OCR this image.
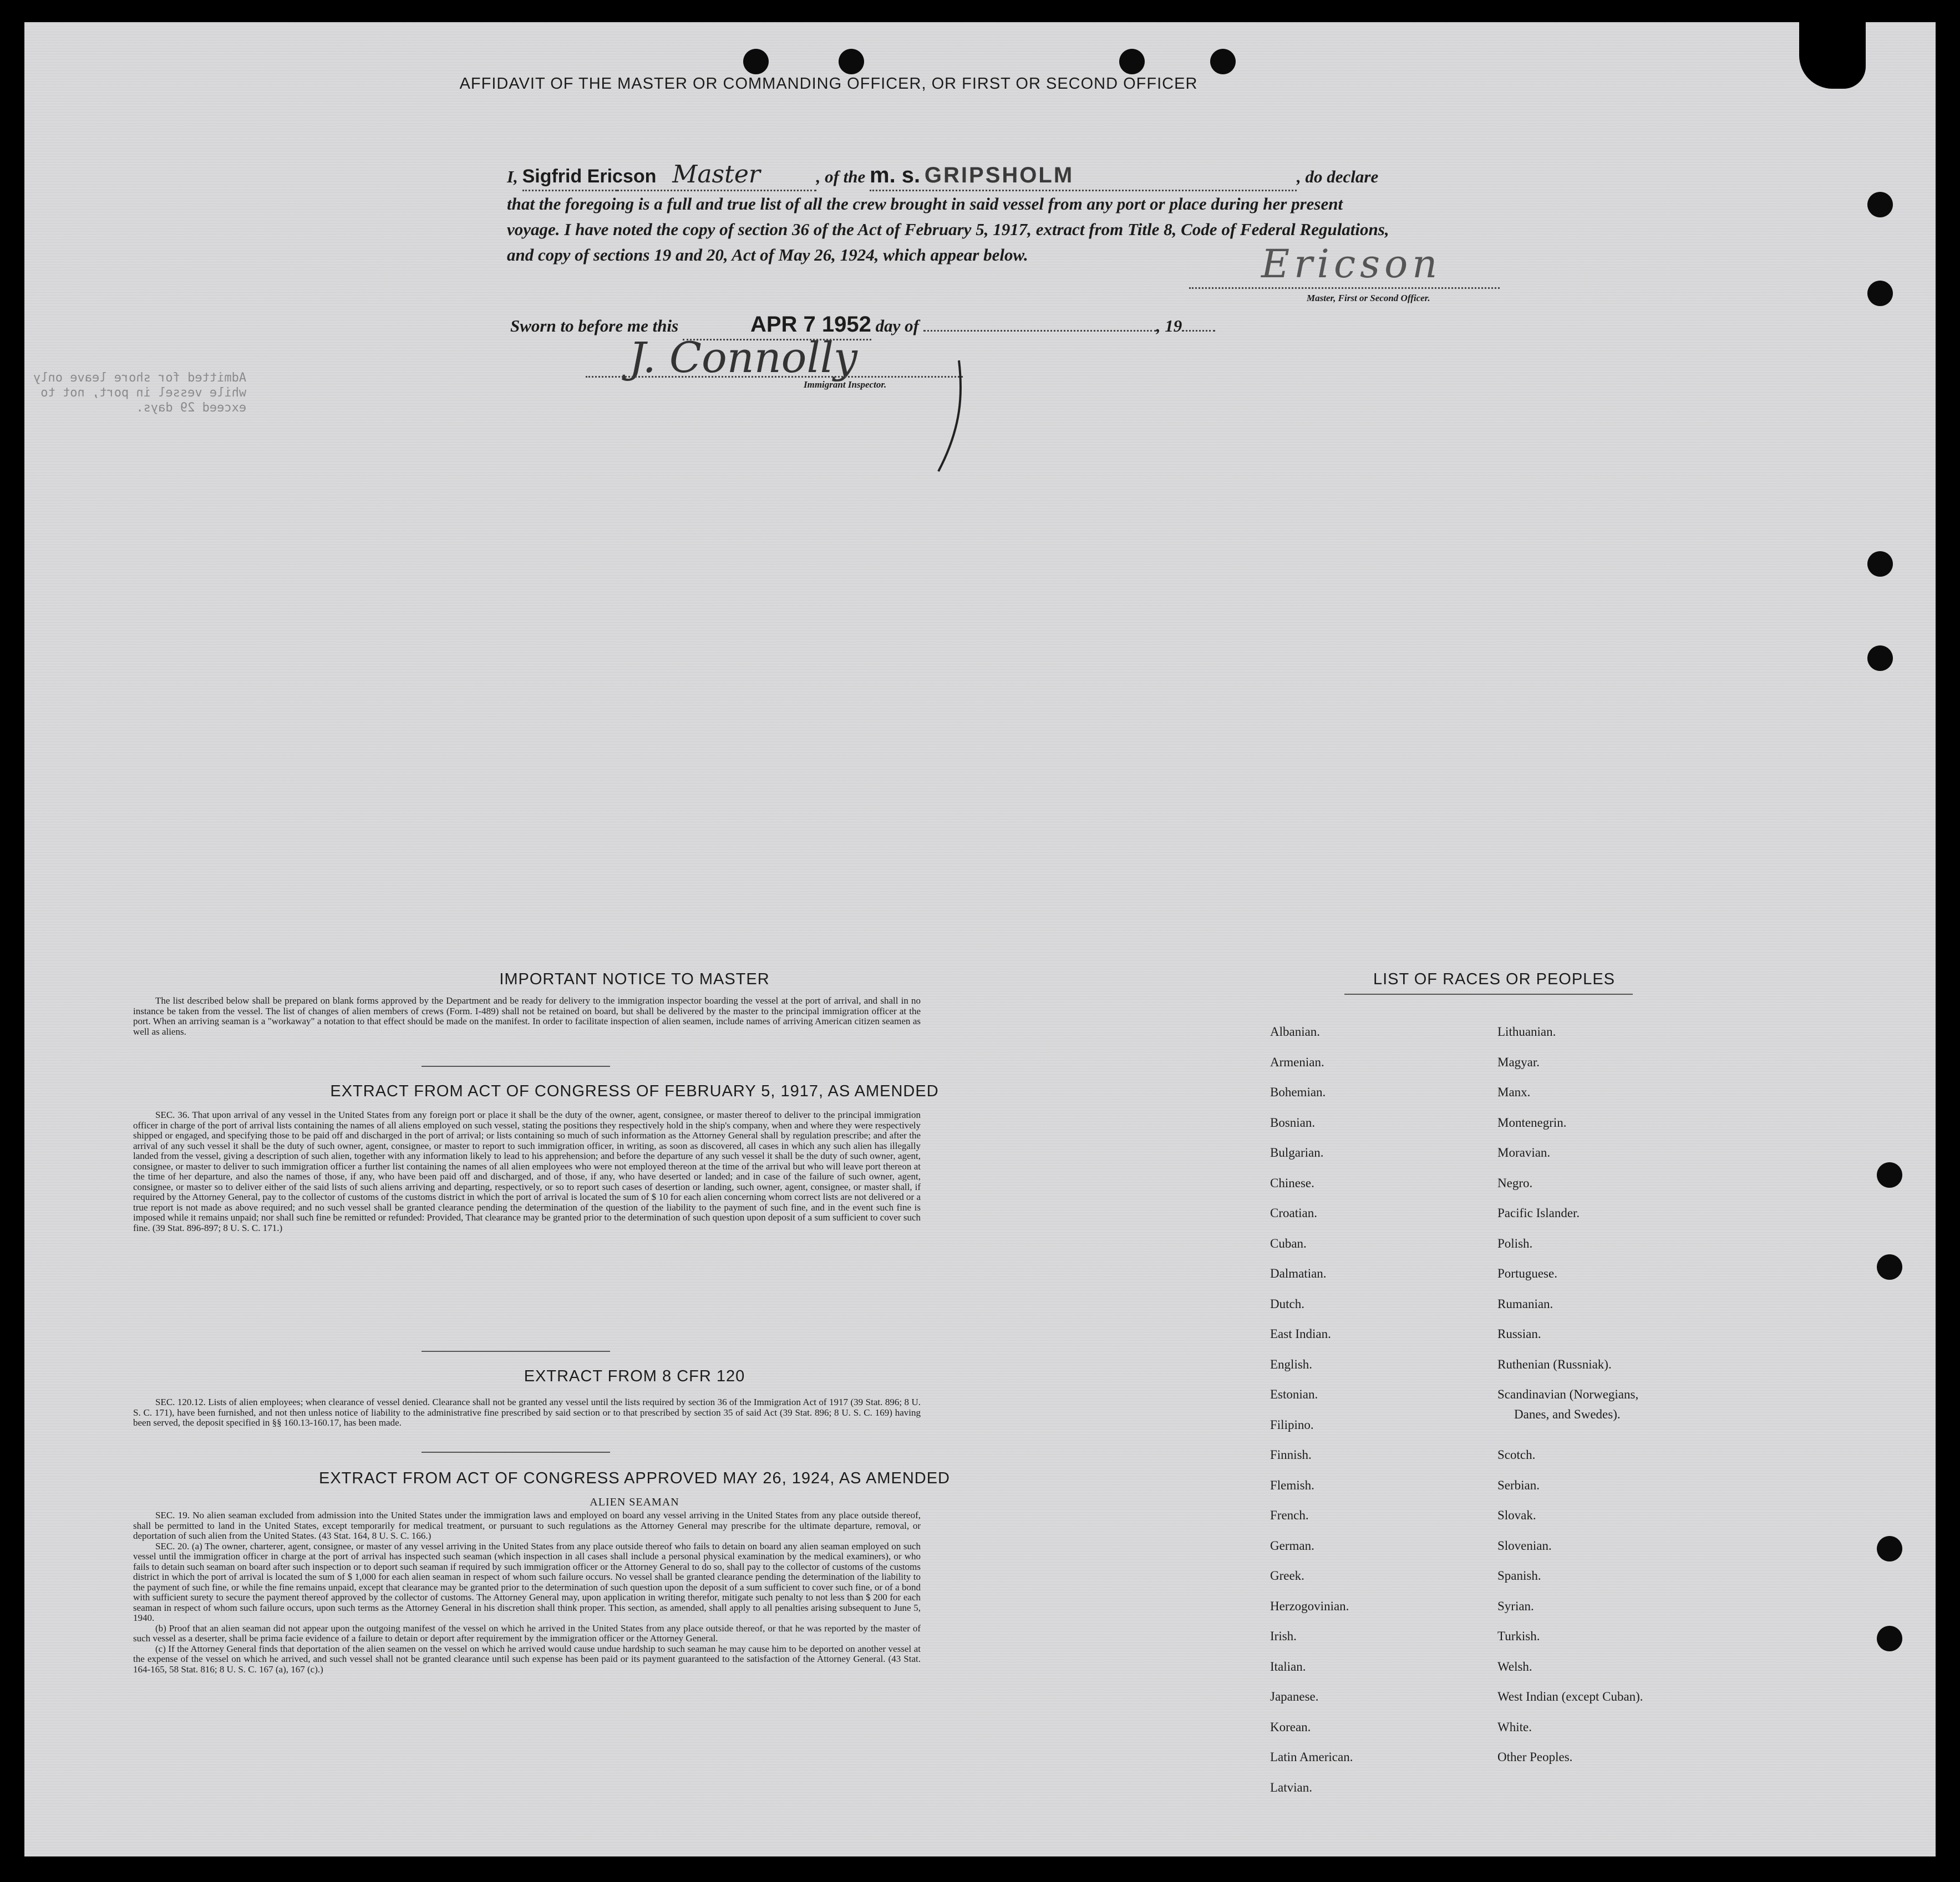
AFFIDAVIT OF THE MASTER OR COMMANDING OFFICER, OR FIRST OR SECOND OFFICER
I, Sigfrid Ericson Master	, of the m. s. GRIPSHOLM	, do declare
that the foregoing is a full and true list of all the crew brought in said vessel from any port or place during her present
voyage. I have noted the copy of section 36 of the Act of February 5, 1917, extract from Title 8, Code of Federal Regulations,
and copy of sections 19 and 20, Act of May 26, 1924, which appear below.	Ericson
Master, First or Second Officer.
Sworn to before me this	APR 7 1952 day of	, 19
J. Connolly
Immigrant Inspector.
Admitted for shore leave only
while vessel in port, not to
exceed 29 days.
IMPORTANT NOTICE TO MASTER

The list described below shall be prepared on blank forms approved by the Department and be ready for delivery to the immigration inspector boarding the vessel at the port of arrival, and shall in no instance be taken from the vessel. The list of changes of alien members of crews (Form. I-489) shall not be retained on board, but shall be delivered by the master to the principal immigration officer at the port. When an arriving seaman is a "workaway" a notation to that effect should be made on the manifest. In order to facilitate inspection of alien seamen, include names of arriving American citizen seamen as well as aliens.

EXTRACT FROM ACT OF CONGRESS OF FEBRUARY 5, 1917, AS AMENDED

SEC. 36. That upon arrival of any vessel in the United States from any foreign port or place it shall be the duty of the owner, agent, consignee, or master thereof to deliver to the principal immigration officer in charge of the port of arrival lists containing the names of all aliens employed on such vessel, stating the positions they respectively hold in the ship's company, when and where they were respectively shipped or engaged, and specifying those to be paid off and discharged in the port of arrival; or lists containing so much of such information as the Attorney General shall by regulation prescribe; and after the arrival of any such vessel it shall be the duty of such owner, agent, consignee, or master to report to such immigration officer, in writing, as soon as discovered, all cases in which any such alien has illegally landed from the vessel, giving a description of such alien, together with any information likely to lead to his apprehension; and before the departure of any such vessel it shall be the duty of such owner, agent, consignee, or master to deliver to such immigration officer a further list containing the names of all alien employees who were not employed thereon at the time of the arrival but who will leave port thereon at the time of her departure, and also the names of those, if any, who have been paid off and discharged, and of those, if any, who have deserted or landed; and in case of the failure of such owner, agent, consignee, or master so to deliver either of the said lists of such aliens arriving and departing, respectively, or so to report such cases of desertion or landing, such owner, agent, consignee, or master shall, if required by the Attorney General, pay to the collector of customs of the customs district in which the port of arrival is located the sum of $ 10 for each alien concerning whom correct lists are not delivered or a true report is not made as above required; and no such vessel shall be granted clearance pending the determination of the question of the liability to the payment of such fine, and in the event such fine is imposed while it remains unpaid; nor shall such fine be remitted or refunded: Provided, That clearance may be granted prior to the determination of such question upon deposit of a sum sufficient to cover such fine. (39 Stat. 896-897; 8 U. S. C. 171.)

EXTRACT FROM 8 CFR 120

SEC. 120.12. Lists of alien employees; when clearance of vessel denied. Clearance shall not be granted any vessel until the lists required by section 36 of the Immigration Act of 1917 (39 Stat. 896; 8 U. S. C. 171), have been furnished, and not then unless notice of liability to the administrative fine prescribed by said section or to that prescribed by section 35 of said Act (39 Stat. 896; 8 U. S. C. 169) having been served, the deposit specified in §§ 160.13-160.17, has been made.

EXTRACT FROM ACT OF CONGRESS APPROVED MAY 26, 1924, AS AMENDED
ALIEN SEAMAN

SEC. 19. No alien seaman excluded from admission into the United States under the immigration laws and employed on board any vessel arriving in the United States from any place outside thereof, shall be permitted to land in the United States, except temporarily for medical treatment, or pursuant to such regulations as the Attorney General may prescribe for the ultimate departure, removal, or deportation of such alien from the United States. (43 Stat. 164, 8 U. S. C. 166.)

SEC. 20. (a) The owner, charterer, agent, consignee, or master of any vessel arriving in the United States from any place outside thereof who fails to detain on board any alien seaman employed on such vessel until the immigration officer in charge at the port of arrival has inspected such seaman (which inspection in all cases shall include a personal physical examination by the medical examiners), or who fails to detain such seaman on board after such inspection or to deport such seaman if required by such immigration officer or the Attorney General to do so, shall pay to the collector of customs of the customs district in which the port of arrival is located the sum of $ 1,000 for each alien seaman in respect of whom such failure occurs. No vessel shall be granted clearance pending the determination of the liability to the payment of such fine, or while the fine remains unpaid, except that clearance may be granted prior to the determination of such question upon the deposit of a sum sufficient to cover such fine, or of a bond with sufficient surety to secure the payment thereof approved by the collector of customs. The Attorney General may, upon application in writing therefor, mitigate such penalty to not less than $ 200 for each seaman in respect of whom such failure occurs, upon such terms as the Attorney General in his discretion shall think proper. This section, as amended, shall apply to all penalties arising subsequent to June 5, 1940.

(b) Proof that an alien seaman did not appear upon the outgoing manifest of the vessel on which he arrived in the United States from any place outside thereof, or that he was reported by the master of such vessel as a deserter, shall be prima facie evidence of a failure to detain or deport after requirement by the immigration officer or the Attorney General.

(c) If the Attorney General finds that deportation of the alien seamen on the vessel on which he arrived would cause undue hardship to such seaman he may cause him to be deported on another vessel at the expense of the vessel on which he arrived, and such vessel shall not be granted clearance until such expense has been paid or its payment guaranteed to the satisfaction of the Attorney General. (43 Stat. 164-165, 58 Stat. 816; 8 U. S. C. 167 (a), 167 (c).)

LIST OF RACES OR PEOPLES
Danes, and Swedes).
Albanian.
Armenian.
Bohemian.
Bosnian.
Bulgarian.
Chinese.
Croatian.
Cuban.
Dalmatian.
Dutch.
East Indian.
English.
Estonian.
Filipino.
Finnish.
Flemish.
French.
German.
Greek.
Herzogovinian.
Irish.
Italian.
Japanese.
Korean.
Latin American.
Latvian.
Lithuanian.
Magyar.
Manx.
Montenegrin.
Moravian.
Negro.
Pacific Islander.
Polish.
Portuguese.
Rumanian.
Russian.
Ruthenian (Russniak).
Scandinavian (Norwegians,
Scotch.
Serbian.
Slovak.
Slovenian.
Spanish.
Syrian.
Turkish.
Welsh.
West Indian (except Cuban).
White.
Other Peoples.
